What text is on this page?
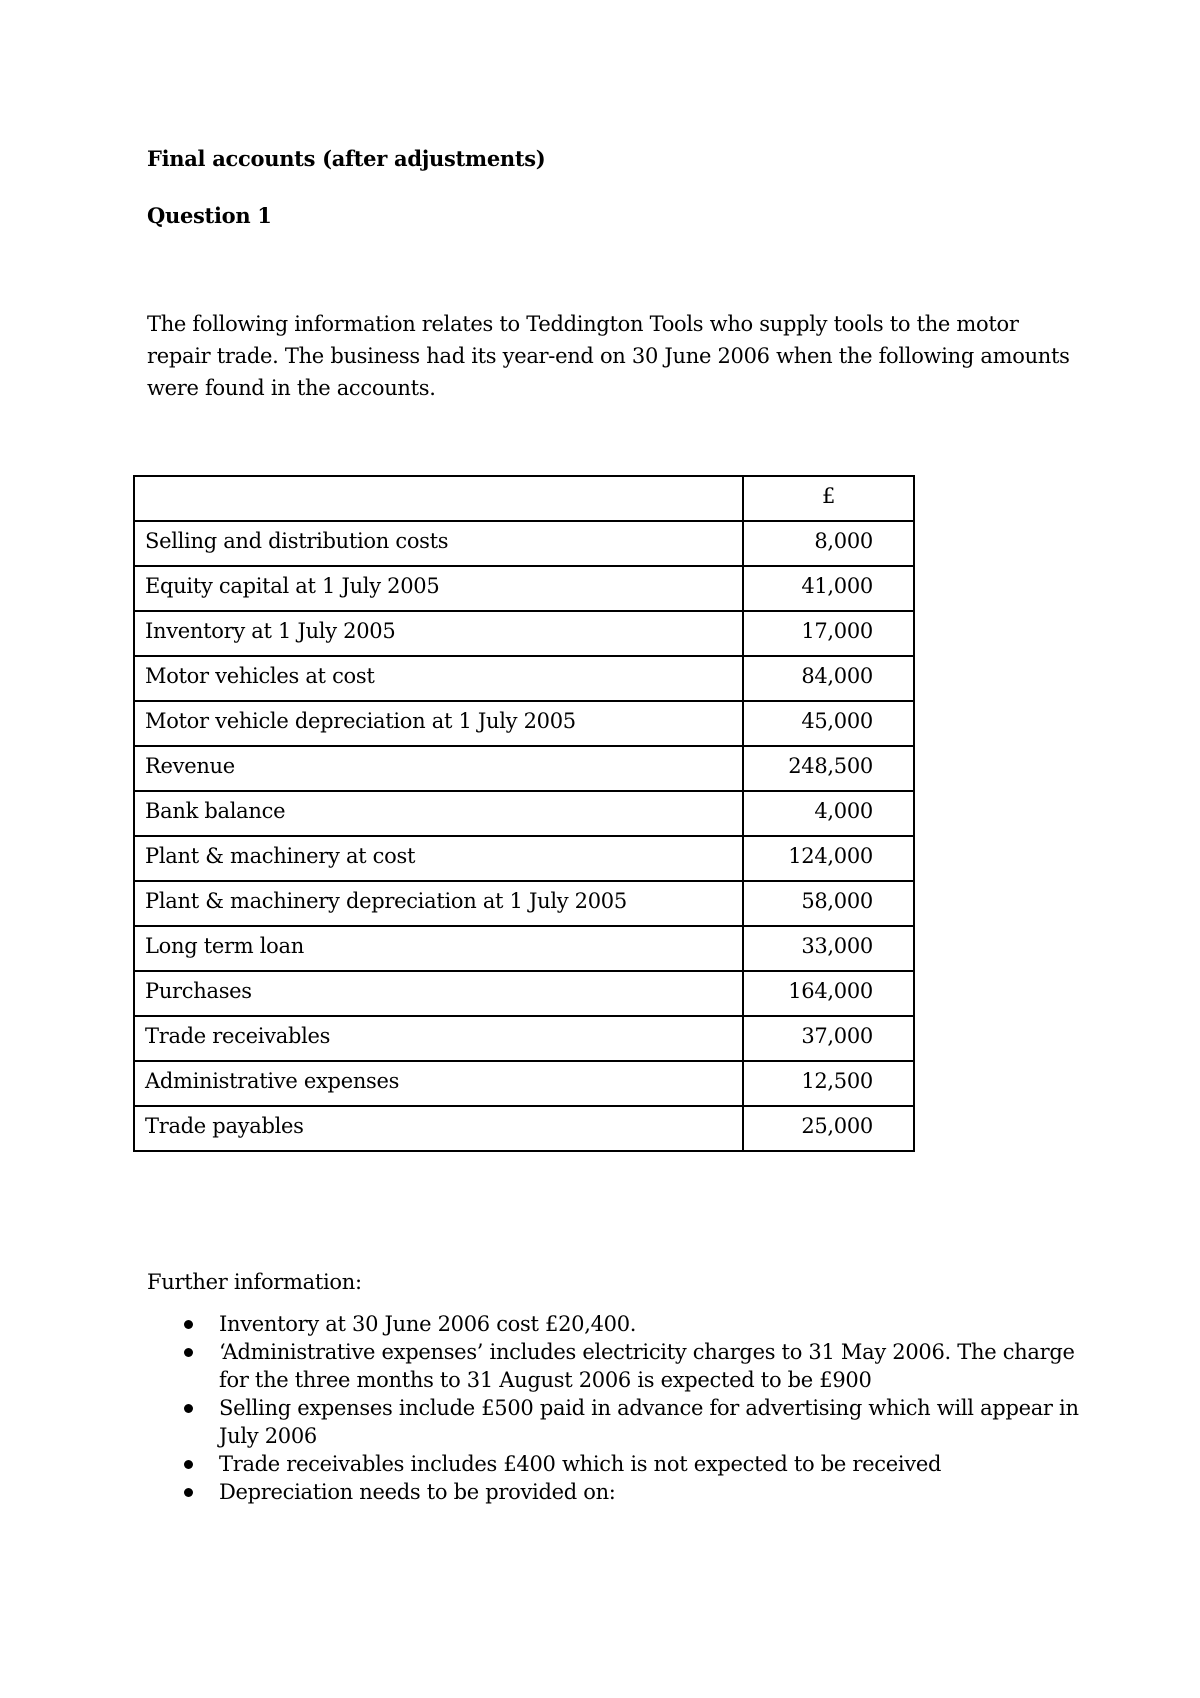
Final accounts (after adjustments)
Question 1
The following information relates to Teddington Tools who supply tools to the motor repair trade. The business had its year-end on 30 June 2006 when the following amounts were found in the accounts.
	£
Selling and distribution costs	8,000
Equity capital at 1 July 2005	41,000
Inventory at 1 July 2005	17,000
Motor vehicles at cost	84,000
Motor vehicle depreciation at 1 July 2005	45,000
Revenue	248,500
Bank balance	4,000
Plant & machinery at cost	124,000
Plant & machinery depreciation at 1 July 2005	58,000
Long term loan	33,000
Purchases	164,000
Trade receivables	37,000
Administrative expenses	12,500
Trade payables	25,000
Further information:
Inventory at 30 June 2006 cost £20,400.
‘Administrative expenses’ includes electricity charges to 31 May 2006. The charge for the three months to 31 August 2006 is expected to be £900
Selling expenses include £500 paid in advance for advertising which will appear in July 2006
Trade receivables includes £400 which is not expected to be received
Depreciation needs to be provided on:
